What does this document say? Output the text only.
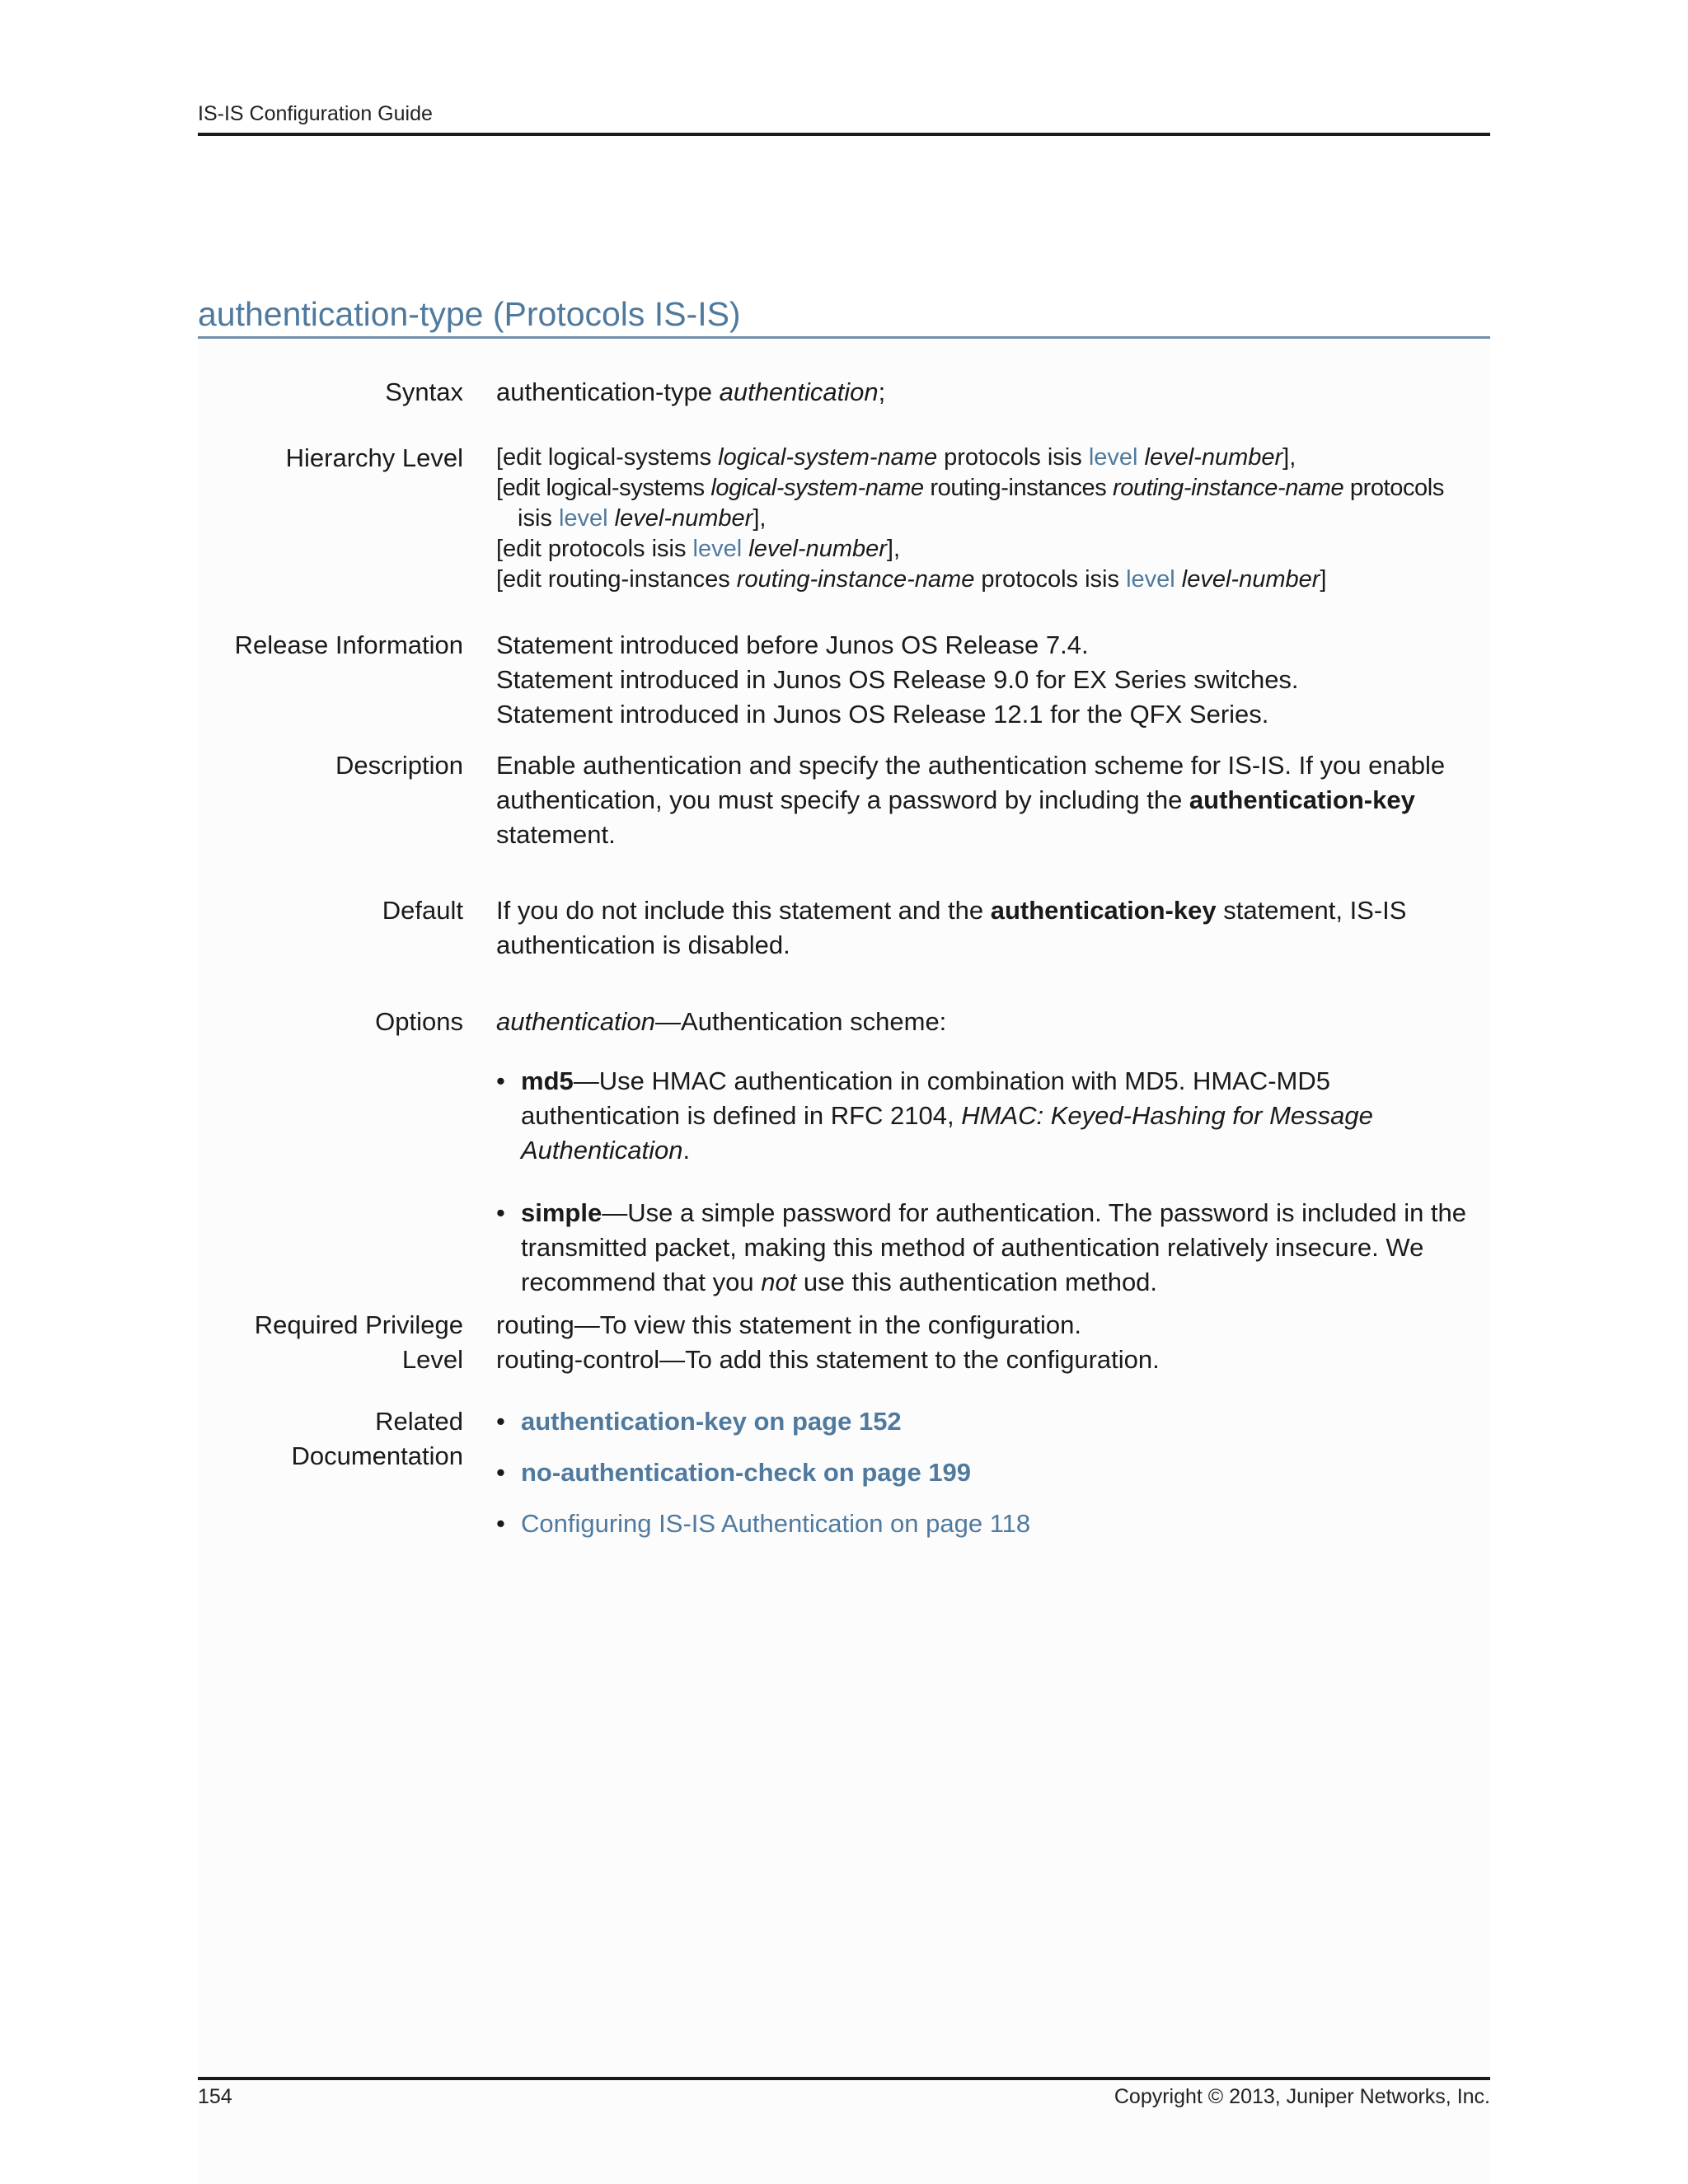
IS-IS Configuration Guide
authentication-type (Protocols IS-IS)
Syntax authentication-type authentication;

Hierarchy Level [edit logical-systems logical-system-name protocols isis level level-number],

[edit logical-systems logical-system-name routing-instances routing-instance-name protocols

isis level level-number],

[edit protocols isis level level-number],

[edit routing-instances routing-instance-name protocols isis level level-number]

Release Information Statement introduced before Junos OS Release 7.4.

Statement introduced in Junos OS Release 9.0 for EX Series switches.

Statement introduced in Junos OS Release 12.1 for the QFX Series.

Description Enable authentication and specify the authentication scheme for IS-IS. If you enable authentication, you must specify a password by including the authentication-key statement.

Default If you do not include this statement and the authentication-key statement, IS-IS authentication is disabled.

Options authentication—Authentication scheme:

• md5—Use HMAC authentication in combination with MD5. HMAC-MD5 authentication is defined in RFC 2104, HMAC: Keyed-Hashing for Message Authentication.

• simple—Use a simple password for authentication. The password is included in the transmitted packet, making this method of authentication relatively insecure. We recommend that you not use this authentication method.

Required Privilege
Level

routing—To view this statement in the configuration.

routing-control—To add this statement to the configuration.

Related
Documentation

• authentication-key on page 152

• no-authentication-check on page 199

• Configuring IS-IS Authentication on page 118

154	Copyright © 2013, Juniper Networks, Inc.
